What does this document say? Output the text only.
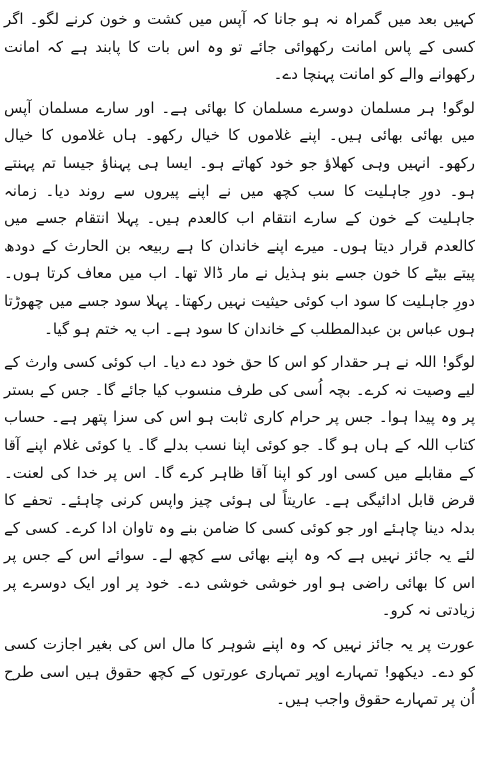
کہیں بعد میں گمراہ نہ ہو جانا کہ آپس میں کشت و خون کرنے لگو۔ اگر کسی کے پاس امانت رکھوائی جائے تو وہ اس بات کا پابند ہے کہ امانت رکھوانے والے کو امانت پہنچا دے۔

لوگو! ہر مسلمان دوسرے مسلمان کا بھائی ہے۔ اور سارے مسلمان آپس میں بھائی بھائی ہیں۔ اپنے غلاموں کا خیال رکھو۔ ہاں غلاموں کا خیال رکھو۔ انہیں وہی کھلاؤ جو خود کھاتے ہو۔ ایسا ہی پہناؤ جیسا تم پہنتے ہو۔ دورِ جاہلیت کا سب کچھ میں نے اپنے پیروں سے روند دیا۔ زمانہ جاہلیت کے خون کے سارے انتقام اب کالعدم ہیں۔ پہلا انتقام جسے میں کالعدم قرار دیتا ہوں۔ میرے اپنے خاندان کا ہے ربیعہ بن الحارث کے دودھ پیتے بیٹے کا خون جسے بنو ہذیل نے مار ڈالا تھا۔ اب میں معاف کرتا ہوں۔ دورِ جاہلیت کا سود اب کوئی حیثیت نہیں رکھتا۔ پہلا سود جسے میں چھوڑتا ہوں عباس بن عبدالمطلب کے خاندان کا سود ہے۔ اب یہ ختم ہو گیا۔

لوگو! اللہ نے ہر حقدار کو اس کا حق خود دے دیا۔ اب کوئی کسی وارث کے لیے وصیت نہ کرے۔ بچہ اُسی کی طرف منسوب کیا جائے گا۔ جس کے بستر پر وہ پیدا ہوا۔ جس پر حرام کاری ثابت ہو اس کی سزا پتھر ہے۔ حساب کتاب اللہ کے ہاں ہو گا۔ جو کوئی اپنا نسب بدلے گا۔ یا کوئی غلام اپنے آقا کے مقابلے میں کسی اور کو اپنا آقا ظاہر کرے گا۔ اس پر خدا کی لعنت۔ قرض قابل ادائیگی ہے۔ عاریتاً لی ہوئی چیز واپس کرنی چاہئے۔ تحفے کا بدلہ دینا چاہئے اور جو کوئی کسی کا ضامن بنے وہ تاوان ادا کرے۔ کسی کے لئے یہ جائز نہیں ہے کہ وہ اپنے بھائی سے کچھ لے۔ سوائے اس کے جس پر اس کا بھائی راضی ہو اور خوشی خوشی دے۔ خود پر اور ایک دوسرے پر زیادتی نہ کرو۔

عورت پر یہ جائز نہیں کہ وہ اپنے شوہر کا مال اس کی بغیر اجازت کسی کو دے۔ دیکھو! تمہارے اوپر تمہاری عورتوں کے کچھ حقوق ہیں اسی طرح اُن پر تمہارے حقوق واجب ہیں۔
